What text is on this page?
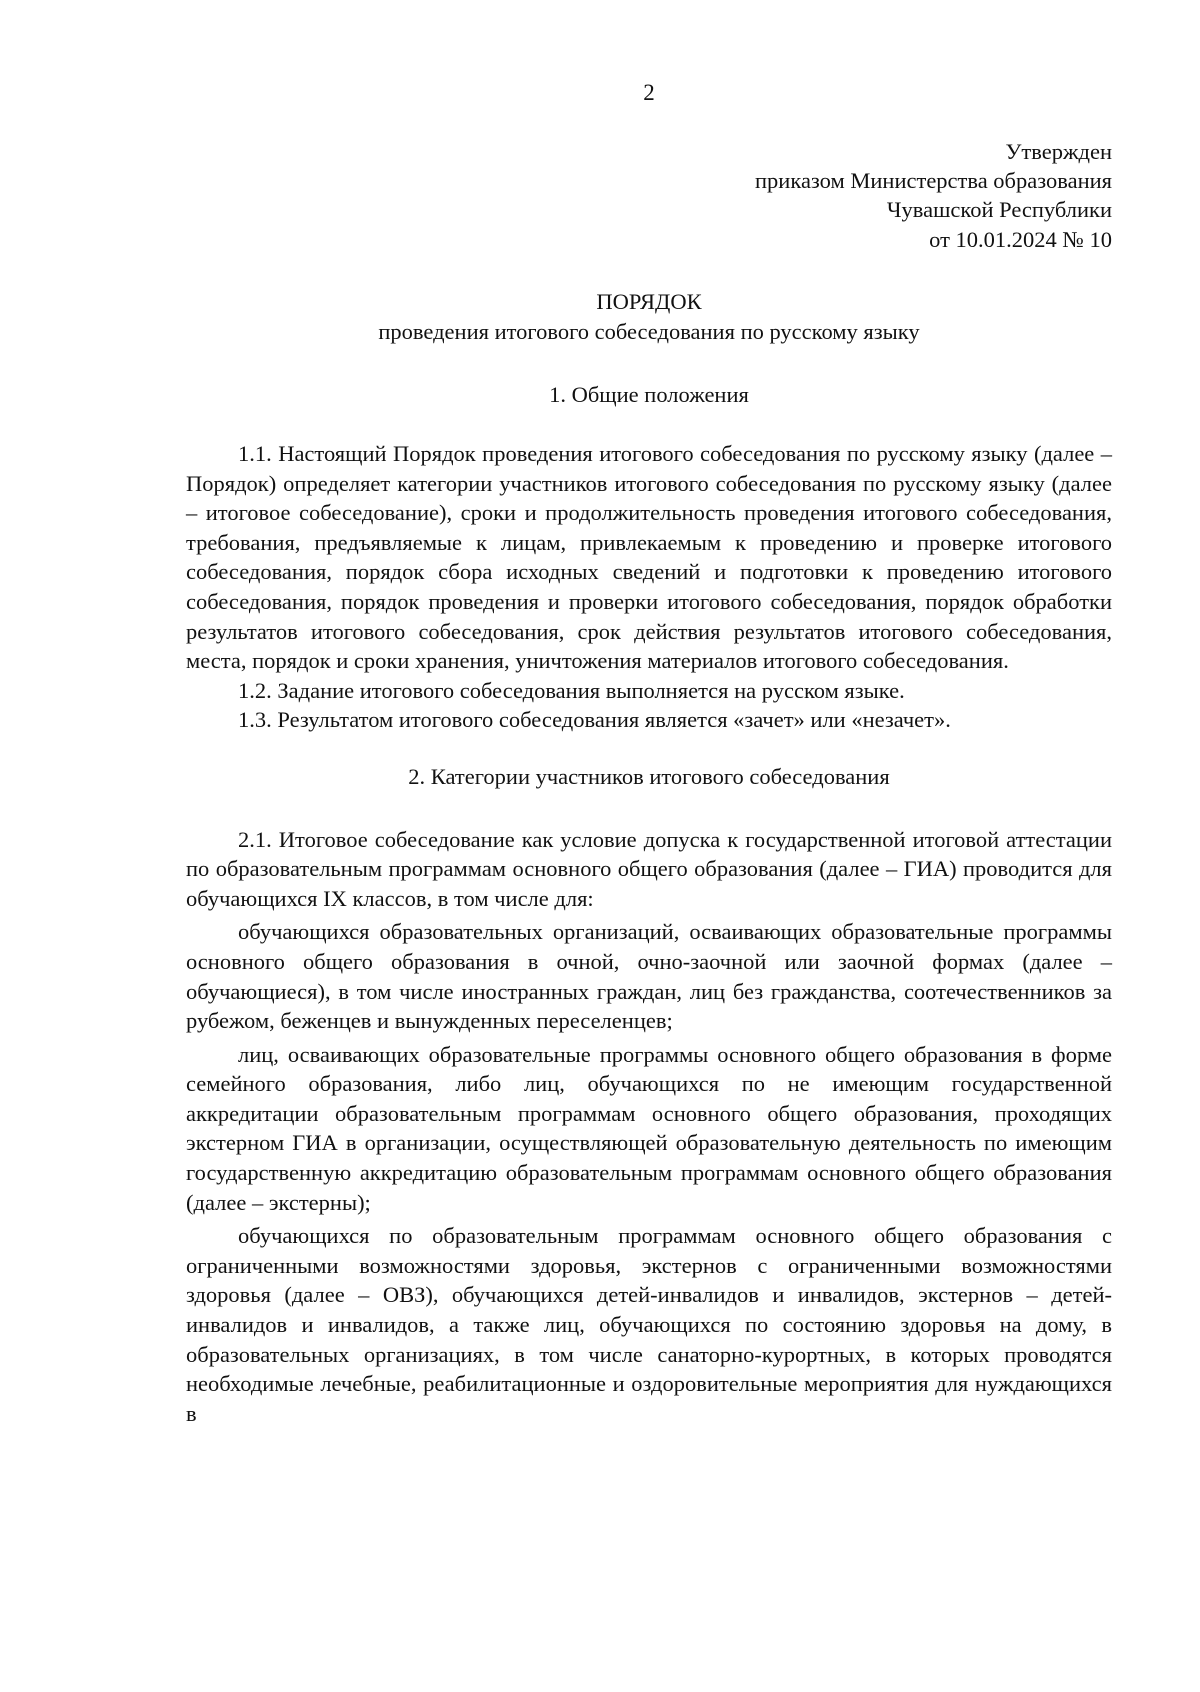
2
Утвержден
приказом Министерства образования
Чувашской Республики
от 10.01.2024 № 10
ПОРЯДОК
проведения итогового собеседования по русскому языку
1. Общие положения

1.1. Настоящий Порядок проведения итогового собеседования по русскому языку (далее – Порядок) определяет категории участников итогового собеседования по русскому языку (далее – итоговое собеседование), сроки и продолжительность проведения итогового собеседования, требования, предъявляемые к лицам, привлекаемым к проведению и проверке итогового собеседования, порядок сбора исходных сведений и подготовки к проведению итогового собеседования, порядок проведения и проверки итогового собеседования, порядок обработки результатов итогового собеседования, срок действия результатов итогового собеседования, места, порядок и сроки хранения, уничтожения материалов итогового собеседования.

1.2. Задание итогового собеседования выполняется на русском языке.

1.3. Результатом итогового собеседования является «зачет» или «незачет».

2. Категории участников итогового собеседования

2.1. Итоговое собеседование как условие допуска к государственной итоговой аттестации по образовательным программам основного общего образования (далее – ГИА) проводится для обучающихся IX классов, в том числе для:

обучающихся образовательных организаций, осваивающих образовательные программы основного общего образования в очной, очно-заочной или заочной формах (далее – обучающиеся), в том числе иностранных граждан, лиц без гражданства, соотечественников за рубежом, беженцев и вынужденных переселенцев;

лиц, осваивающих образовательные программы основного общего образования в форме семейного образования, либо лиц, обучающихся по не имеющим государственной аккредитации образовательным программам основного общего образования, проходящих экстерном ГИА в организации, осуществляющей образовательную деятельность по имеющим государственную аккредитацию образовательным программам основного общего образования (далее – экстерны);

обучающихся по образовательным программам основного общего образования с ограниченными возможностями здоровья, экстернов с ограниченными возможностями здоровья (далее – ОВЗ), обучающихся детей-инвалидов и инвалидов, экстернов – детей-инвалидов и инвалидов, а также лиц, обучающихся по состоянию здоровья на дому, в образовательных организациях, в том числе санаторно-курортных, в которых проводятся необходимые лечебные, реабилитационные и оздоровительные мероприятия для нуждающихся в
